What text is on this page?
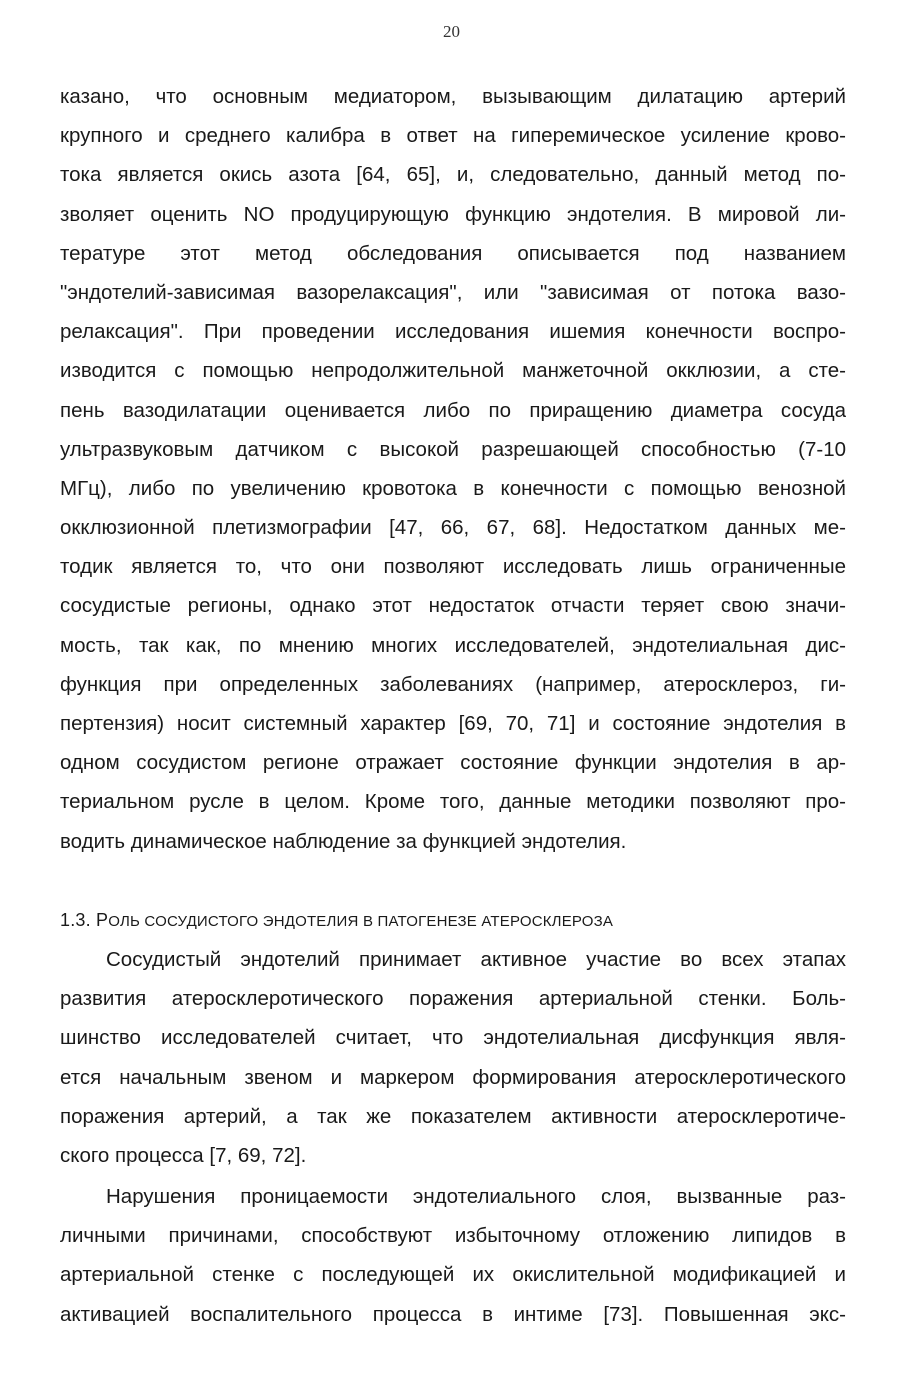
20
казано, что основным медиатором, вызывающим дилатацию артерий
крупного и среднего калибра в ответ на гиперемическое усиление крово-
тока является окись азота [64, 65], и, следовательно, данный метод по-
зволяет оценить NO продуцирующую функцию эндотелия. В мировой ли-
тературе этот метод обследования описывается под названием
"эндотелий-зависимая вазорелаксация", или "зависимая от потока вазо-
релаксация". При проведении исследования ишемия конечности воспро-
изводится с помощью непродолжительной манжеточной окклюзии, а сте-
пень вазодилатации оценивается либо по приращению диаметра сосуда
ультразвуковым датчиком с высокой разрешающей способностью (7-10
МГц), либо по увеличению кровотока в конечности с помощью венозной
окклюзионной плетизмографии [47, 66, 67, 68]. Недостатком данных ме-
тодик является то, что они позволяют исследовать лишь ограниченные
сосудистые регионы, однако этот недостаток отчасти теряет свою значи-
мость, так как, по мнению многих исследователей, эндотелиальная дис-
функция при определенных заболеваниях (например, атеросклероз, ги-
пертензия) носит системный характер [69, 70, 71] и состояние эндотелия в
одном сосудистом регионе отражает состояние функции эндотелия в ар-
териальном русле в целом. Кроме того, данные методики позволяют про-
водить динамическое наблюдение за функцией эндотелия.
1.3. РОЛЬ СОСУДИСТОГО ЭНДОТЕЛИЯ В ПАТОГЕНЕЗЕ АТЕРОСКЛЕРОЗА
Сосудистый эндотелий принимает активное участие во всех этапах
развития атеросклеротического поражения артериальной стенки. Боль-
шинство исследователей считает, что эндотелиальная дисфункция явля-
ется начальным звеном и маркером формирования атеросклеротического
поражения артерий, а так же показателем активности атеросклеротиче-
ского процесса [7, 69, 72].
Нарушения проницаемости эндотелиального слоя, вызванные раз-
личными причинами, способствуют избыточному отложению липидов в
артериальной стенке с последующей их окислительной модификацией и
активацией воспалительного процесса в интиме [73]. Повышенная экс-
